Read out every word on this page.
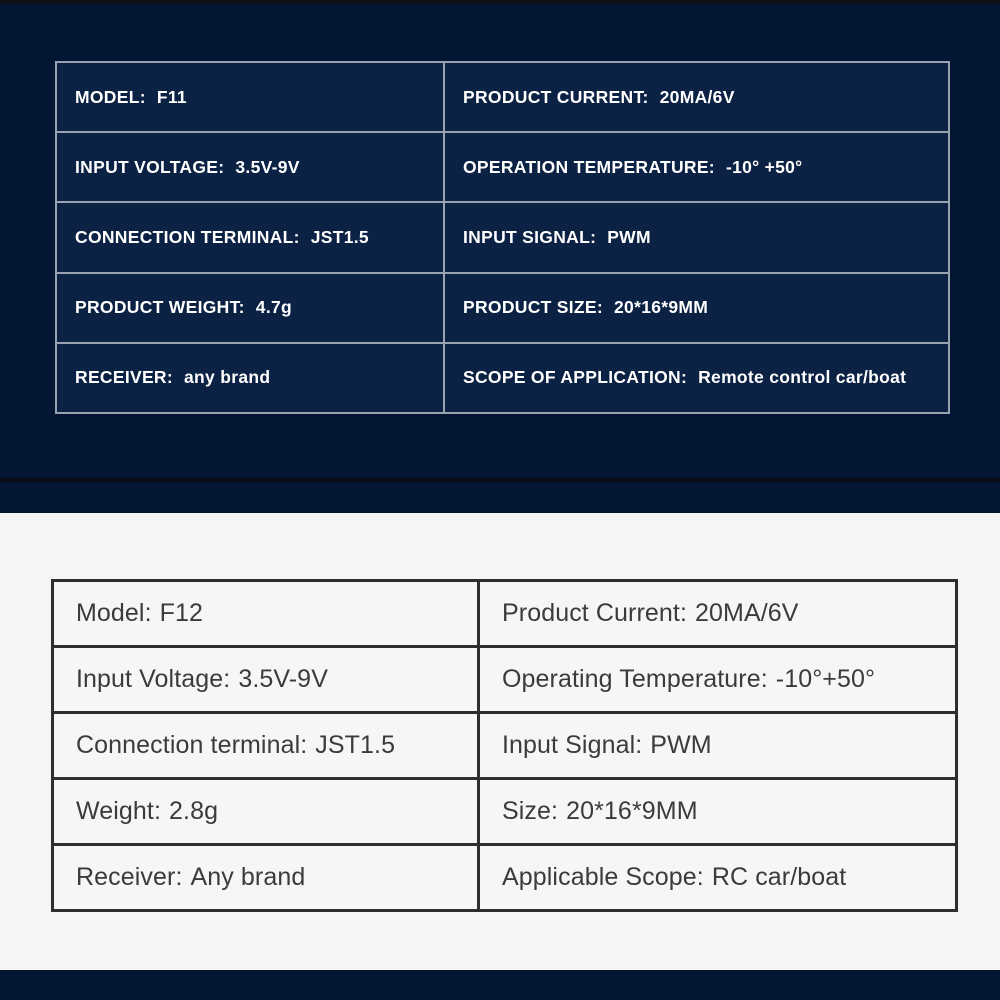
MODEL: F11	PRODUCT CURRENT: 20MA/6V
INPUT VOLTAGE: 3.5V-9V	OPERATION TEMPERATURE: -10° +50°
CONNECTION TERMINAL: JST1.5	INPUT SIGNAL: PWM
PRODUCT WEIGHT: 4.7g	PRODUCT SIZE: 20*16*9MM
RECEIVER: any brand	SCOPE OF APPLICATION: Remote control car/boat
Model: F12	Product Current: 20MA/6V
Input Voltage: 3.5V-9V	Operating Temperature: -10°+50°
Connection terminal: JST1.5	Input Signal: PWM
Weight: 2.8g	Size: 20*16*9MM
Receiver: Any brand	Applicable Scope: RC car/boat
